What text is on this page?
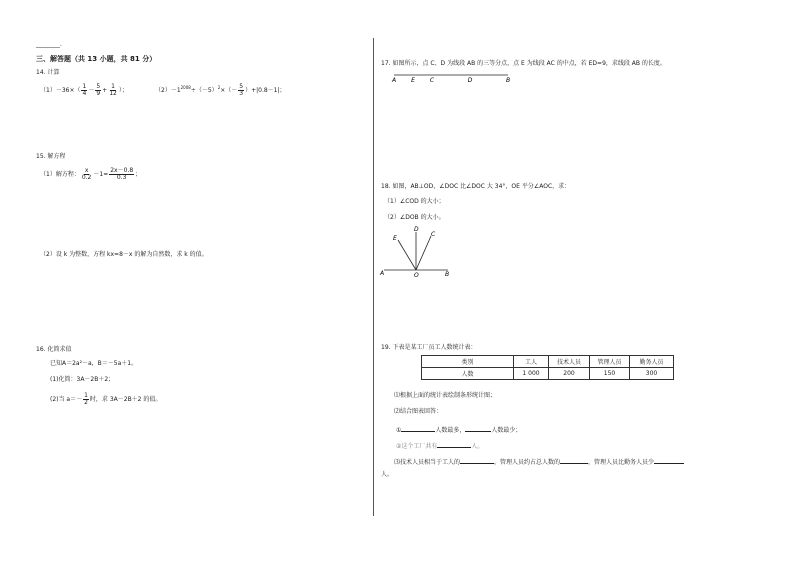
________.
三、解答题（共 13 小题，共 81 分）
14. 计算
$(1)-36\times( \frac{1}{4} - \frac{5}{9} + \frac{1}{12}$ ）；	$(2)-1^{2008}\div(-5)^2\times(- \frac{5}{3} )+|0.8-1|$；
15. 解方程
（1）解方程： $\frac{x}{0.2} -1= \frac{2x-0.8}{0.3}$ ；
（2）设 k 为整数，方程 kx=8－x 的解为自然数，求 k 的值。
16. 化简求值
已知A＝2a²－a，B＝－5a＋1。
(1)化简：3A－2B＋2；
(2)当 $a=- \frac{1}{2}$ 时，求 3A－2B＋2 的值。
17. 如图所示，点 C、D 为线段 AB 的三等分点，点 E 为线段 AC 的中点，若 ED=9，求线段 AB 的长度。
A	E	C	D	B
18. 如图，AB⊥OD，∠DOC 比∠DOC 大 34°，OE 平分∠AOC，求：
（1）∠COD 的大小；
（2）∠DOB 的大小。
D
E
C
A	O	B
19. 下表是某工厂员工人数统计表：
类别	工人	技术人员	管理人员	勤务人员
人数	1 000	200	150	300
⑴根据上面的统计表绘制条形统计图；
⑵结合图表回答：
①	人数最多，	人数最少；
②这个工厂共有	人。
⑶技术人员相当于工人的	，管理人员约占总人数的	，管理人员比勤务人员少
人。
